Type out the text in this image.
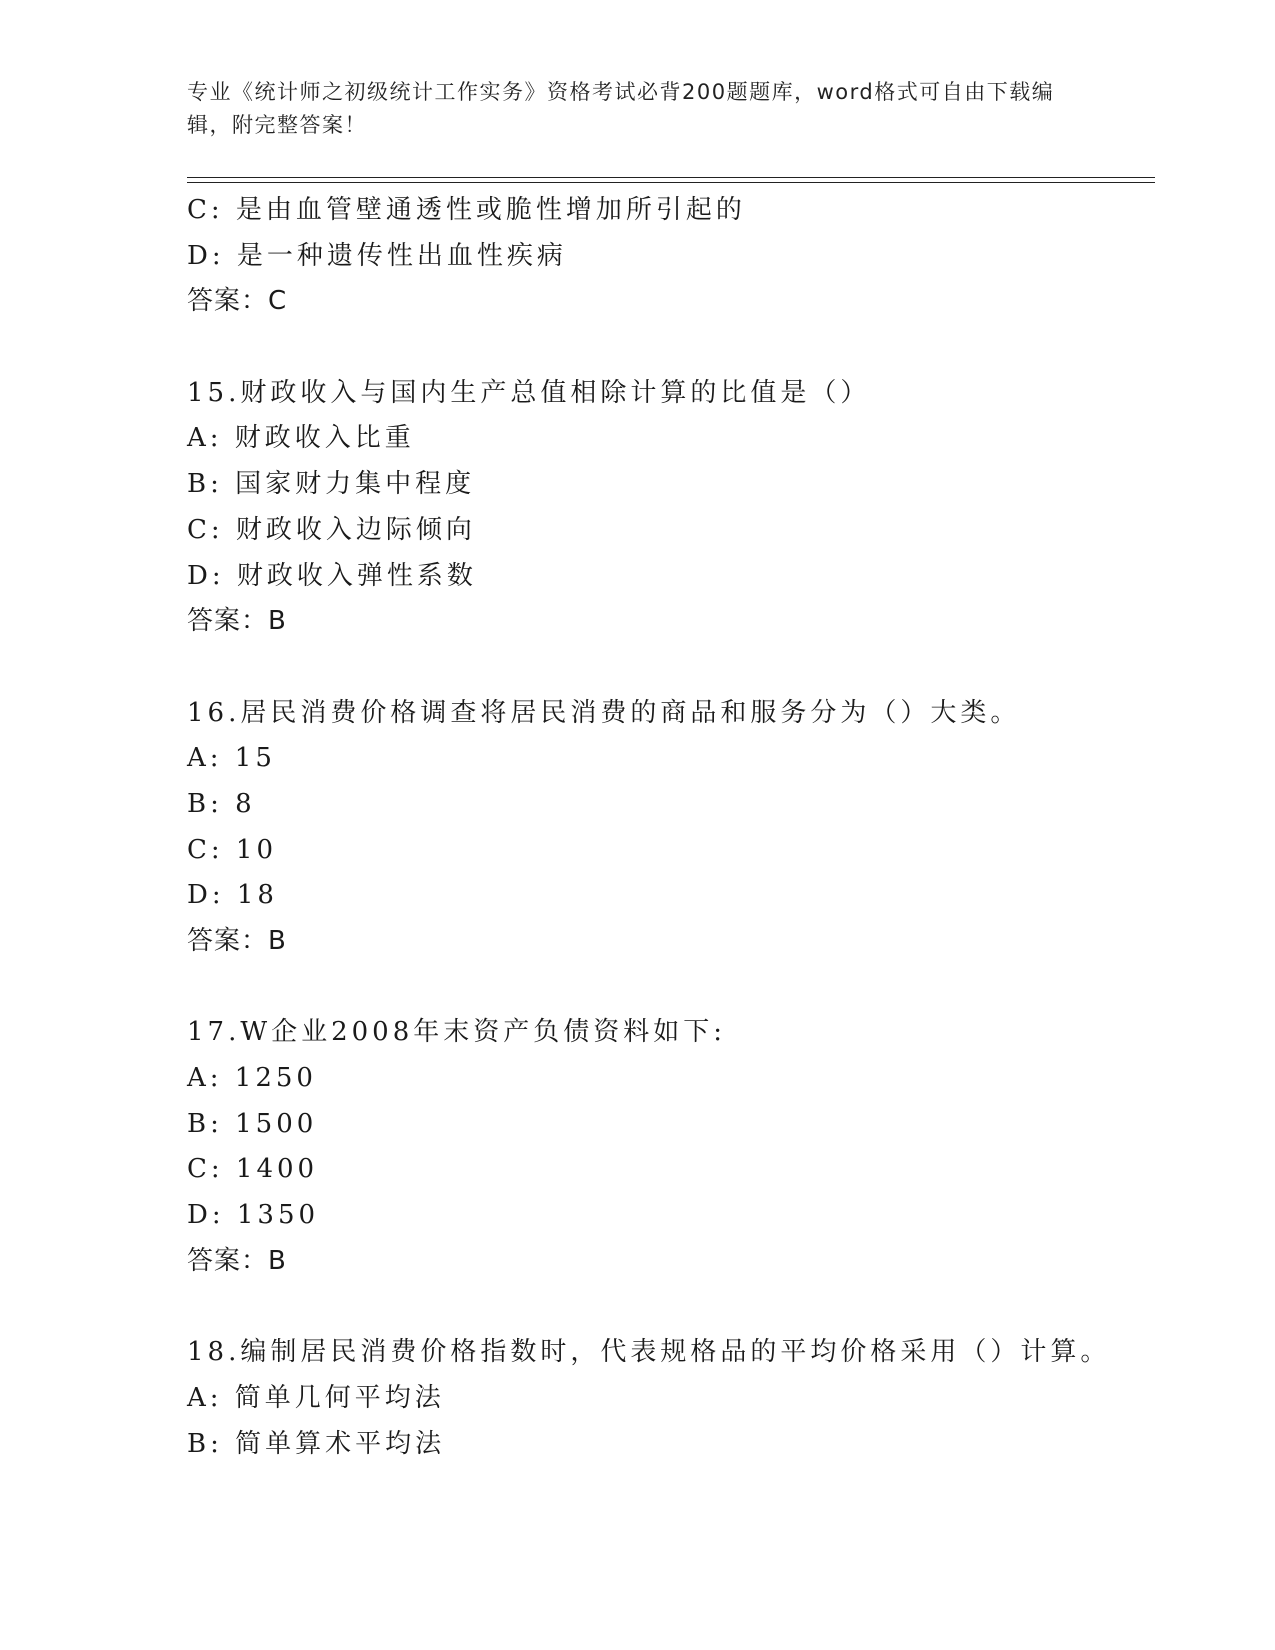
专业《统计师之初级统计工作实务》资格考试必背200题题库，word格式可自由下载编辑，附完整答案！

C: 是由血管壁通透性或脆性增加所引起的

D: 是一种遗传性出血性疾病

答案：C

15.财政收入与国内生产总值相除计算的比值是（）

A: 财政收入比重

B: 国家财力集中程度

C: 财政收入边际倾向

D: 财政收入弹性系数

答案：B

16.居民消费价格调查将居民消费的商品和服务分为（）大类。

A: 15

B: 8

C: 10

D: 18

答案：B

17.W企业2008年末资产负债资料如下:

A: 1250

B: 1500

C: 1400

D: 1350

答案：B

18.编制居民消费价格指数时，代表规格品的平均价格采用（）计算。

A: 简单几何平均法

B: 简单算术平均法
